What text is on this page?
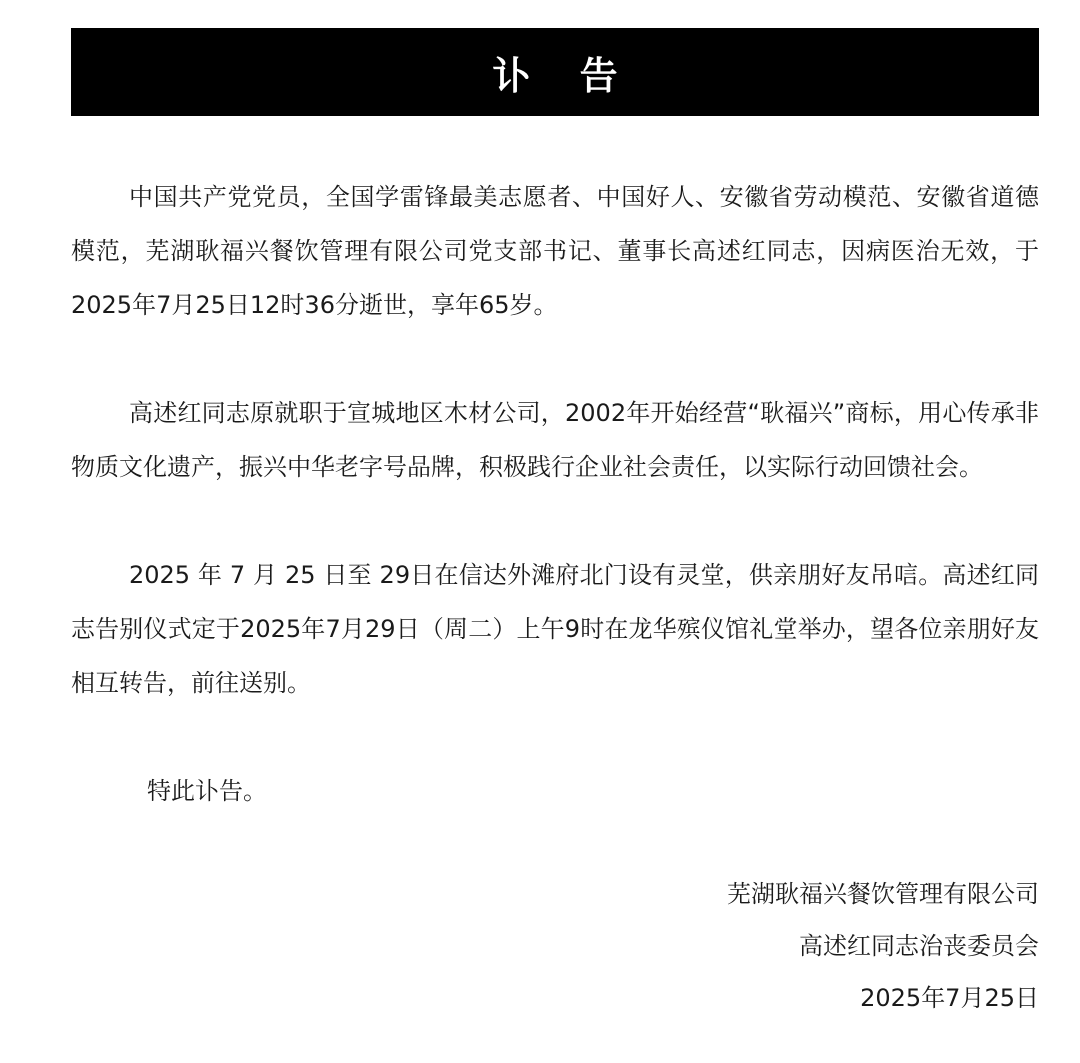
讣 告

中国共产党党员，全国学雷锋最美志愿者、中国好人、安徽省劳动模范、安徽省道德模范，芜湖耿福兴餐饮管理有限公司党支部书记、董事长高述红同志，因病医治无效，于2025年7月25日12时36分逝世，享年65岁。

高述红同志原就职于宣城地区木材公司，2002年开始经营“耿福兴”商标，用心传承非物质文化遗产，振兴中华老字号品牌，积极践行企业社会责任，以实际行动回馈社会。

2025 年 7 月 25 日至 29日在信达外滩府北门设有灵堂，供亲朋好友吊唁。高述红同志告别仪式定于2025年7月29日（周二）上午9时在龙华殡仪馆礼堂举办，望各位亲朋好友相互转告，前往送别。

特此讣告。

芜湖耿福兴餐饮管理有限公司
高述红同志治丧委员会
2025年7月25日
